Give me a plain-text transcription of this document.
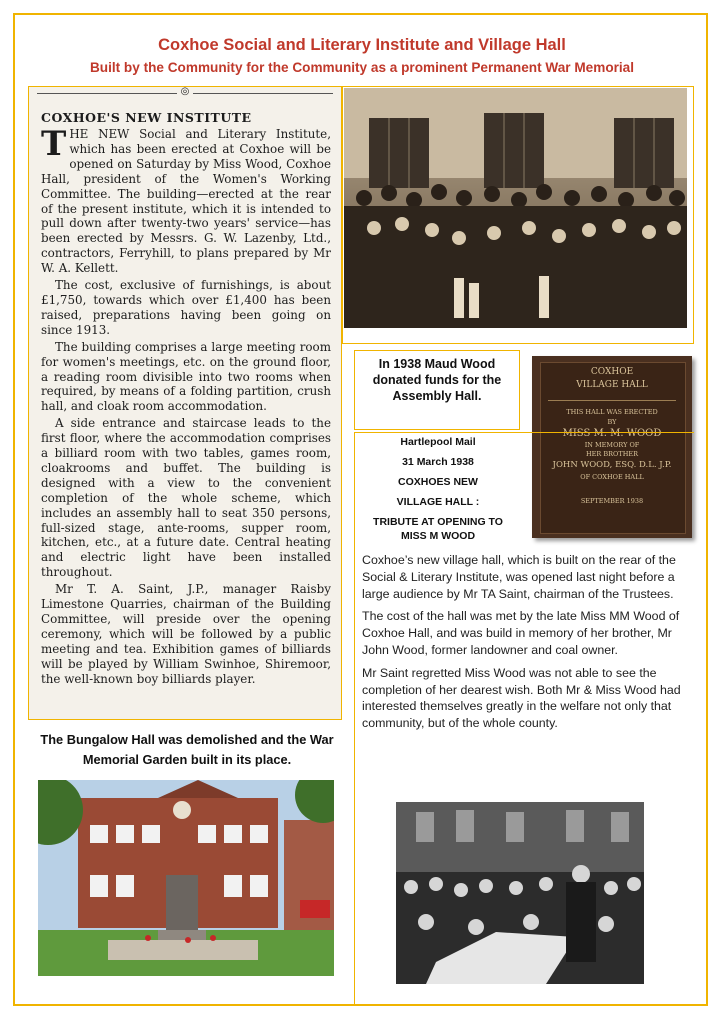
Coxhoe Social and Literary Institute and Village Hall
Built by the Community for the Community as a prominent Permanent War Memorial
◎
COXHOE'S NEW INSTITUTE

THE NEW Social and Literary Institute, which has been erected at Coxhoe will be opened on Saturday by Miss Wood, Coxhoe Hall, president of the Women's Working Committee. The building—erected at the rear of the present institute, which it is intended to pull down after twenty-two years' service—has been erected by Messrs. G. W. Lazenby, Ltd., contractors, Ferryhill, to plans prepared by Mr W. A. Kellett.

The cost, exclusive of furnishings, is about £1,750, towards which over £1,400 has been raised, preparations having been going on since 1913.

The building comprises a large meeting room for women's meetings, etc. on the ground floor, a reading room divisible into two rooms when required, by means of a folding partition, crush hall, and cloak room accommodation.

A side entrance and staircase leads to the first floor, where the accommodation comprises a billiard room with two tables, games room, cloakrooms and buffet. The building is designed with a view to the convenient completion of the whole scheme, which includes an assembly hall to seat 350 persons, full-sized stage, ante-rooms, supper room, kitchen, etc., at a future date. Central heating and electric light have been installed throughout.

Mr T. A. Saint, J.P., manager Raisby Limestone Quarries, chairman of the Building Committee, will preside over the opening ceremony, which will be followed by a public meeting and tea. Exhibition games of billiards will be played by William Swinhoe, Shiremoor, the well-known boy billiards player.

In 1938 Maud Wood donated funds for the Assembly Hall.
COXHOE
VILLAGE HALL
THIS HALL WAS ERECTED
BY
MISS M. M. WOOD
IN MEMORY OF
HER BROTHER
JOHN WOOD, ESQ. D.L. J.P.
OF COXHOE HALL
SEPTEMBER 1938
Hartlepool Mail
31 March 1938
COXHOES NEW
VILLAGE HALL :
TRIBUTE AT OPENING TO
MISS M WOOD

Coxhoe’s new village hall, which is built on the rear of the Social & Literary Institute, was opened last night before a large audience by Mr TA Saint, chairman of the Trustees.

The cost of the hall was met by the late Miss MM Wood of Coxhoe Hall, and was build in memory of her brother, Mr John Wood, former landowner and coal owner.

Mr Saint regretted Miss Wood was not able to see the completion of her dearest wish. Both Mr & Miss Wood had interested themselves greatly in the welfare not only that community, but of the whole county.

The Bungalow Hall was demolished and the War Memorial Garden built in its place.
